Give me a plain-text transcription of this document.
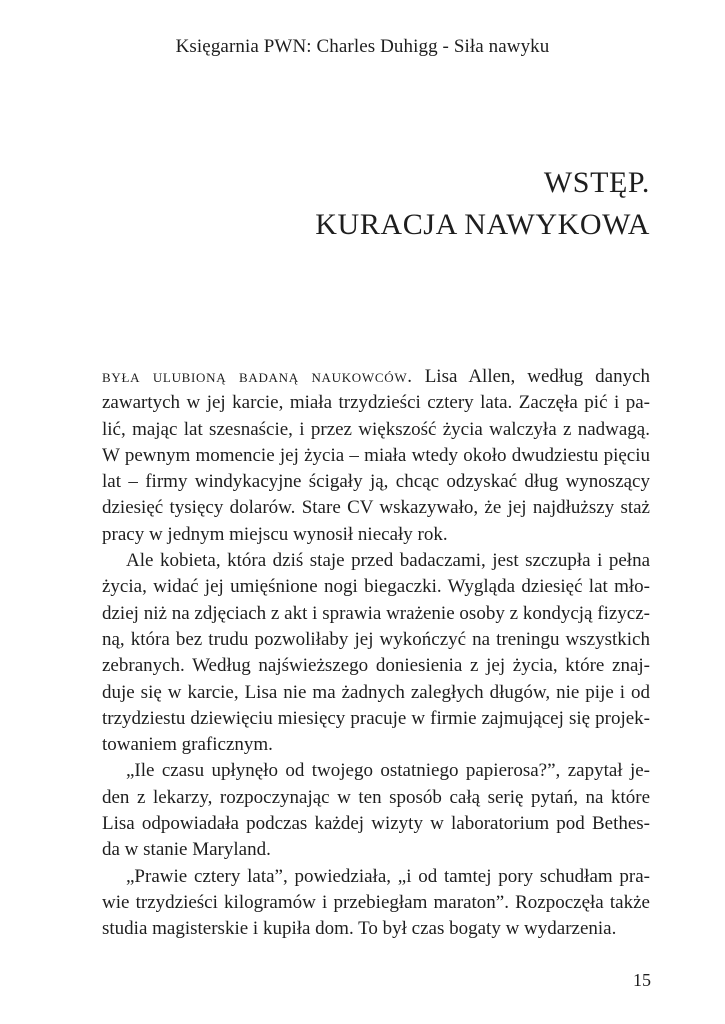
Księgarnia PWN: Charles Duhigg - Siła nawyku
WSTĘP.
KURACJA NAWYKOWA

była ulubioną badaną naukowców. Lisa Allen, według danych
zawartych w jej karcie, miała trzydzieści cztery lata. Zaczęła pić i pa-
lić, mając lat szesnaście, i przez większość życia walczyła z nadwagą.
W pewnym momencie jej życia – miała wtedy około dwudziestu pięciu
lat – firmy windykacyjne ścigały ją, chcąc odzyskać dług wynoszący
dziesięć tysięcy dolarów. Stare CV wskazywało, że jej najdłuższy staż
pracy w jednym miejscu wynosił niecały rok.

Ale kobieta, która dziś staje przed badaczami, jest szczupła i pełna
życia, widać jej umięśnione nogi biegaczki. Wygląda dziesięć lat mło-
dziej niż na zdjęciach z akt i sprawia wrażenie osoby z kondycją fizycz-
ną, która bez trudu pozwoliłaby jej wykończyć na treningu wszystkich
zebranych. Według najświeższego doniesienia z jej życia, które znaj-
duje się w karcie, Lisa nie ma żadnych zaległych długów, nie pije i od
trzydziestu dziewięciu miesięcy pracuje w firmie zajmującej się projek-
towaniem graficznym.

„Ile czasu upłynęło od twojego ostatniego papierosa?”, zapytał je-
den z lekarzy, rozpoczynając w ten sposób całą serię pytań, na które
Lisa odpowiadała podczas każdej wizyty w laboratorium pod Bethes-
da w stanie Maryland.

„Prawie cztery lata”, powiedziała, „i od tamtej pory schudłam pra-
wie trzydzieści kilogramów i przebiegłam maraton”. Rozpoczęła także
studia magisterskie i kupiła dom. To był czas bogaty w wydarzenia.

15
